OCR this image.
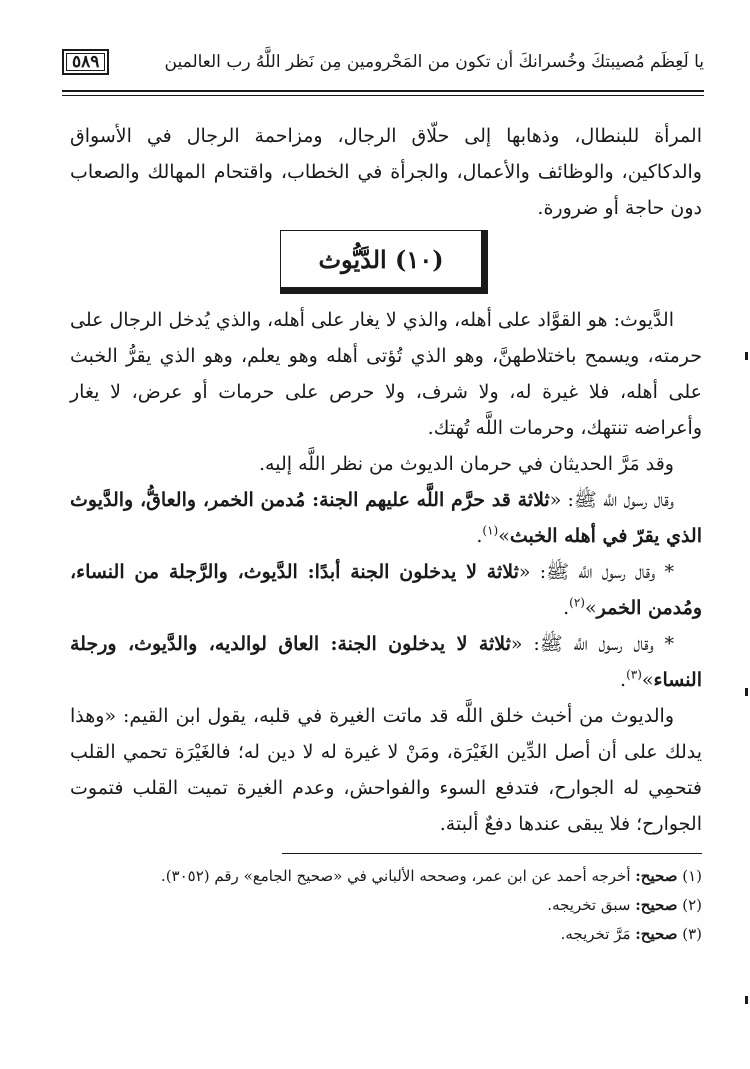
يا لَعِظَم مُصيبتكَ وخُسرانكَ أن تكون من المَحْرومين مِن نَظر اللَّهُ رب العالمين
٥٨٩

المرأة للبنطال، وذهابها إلى حلّاق الرجال، ومزاحمة الرجال في الأسواق والدكاكين، والوظائف والأعمال، والجرأة في الخطاب، واقتحام المهالك والصعاب دون حاجة أو ضرورة.

(١٠) الدَّيُّوث

الدَّيوث: هو القوَّاد على أهله، والذي لا يغار على أهله، والذي يُدخل الرجال على حرمته، ويسمح باختلاطهنَّ، وهو الذي تُؤتى أهله وهو يعلم، وهو الذي يقرُّ الخبث على أهله، فلا غيرة له، ولا شرف، ولا حرص على حرمات أو عرض، لا يغار وأعراضه تنتهك، وحرمات اللَّه تُهتك.

وقد مَرَّ الحديثان في حرمان الديوث من نظر اللَّه إليه.

وقال رسول اللَّه ﷺ: «ثلاثة قد حرَّم اللَّه عليهم الجنة: مُدمن الخمر، والعاقُّ، والدَّيوث الذي يقرّ في أهله الخبث»$^{(١)}$.

* وقال رسول اللَّه ﷺ: «ثلاثة لا يدخلون الجنة أبدًا: الدَّيوث، والرَّجلة من النساء، ومُدمن الخمر»$^{(٢)}$.

* وقال رسول اللَّه ﷺ: «ثلاثة لا يدخلون الجنة: العاق لوالديه، والدَّيوث، ورجلة النساء»$^{(٣)}$.

والديوث من أخبث خلق اللَّه قد ماتت الغيرة في قلبه، يقول ابن القيم: «وهذا يدلك على أن أصل الدِّين الغَيْرَة، ومَنْ لا غيرة له لا دين له؛ فالغَيْرَة تحمي القلب فتحمِي له الجوارح، فتدفع السوء والفواحش، وعدم الغيرة تميت القلب فتموت الجوارح؛ فلا يبقى عندها دفعٌ ألبتة.

(١) صحيح: أخرجه أحمد عن ابن عمر، وصححه الألباني في «صحيح الجامع» رقم (٣٠٥٢).

(٢) صحيح: سبق تخريجه.

(٣) صحيح: مَرَّ تخريجه.
